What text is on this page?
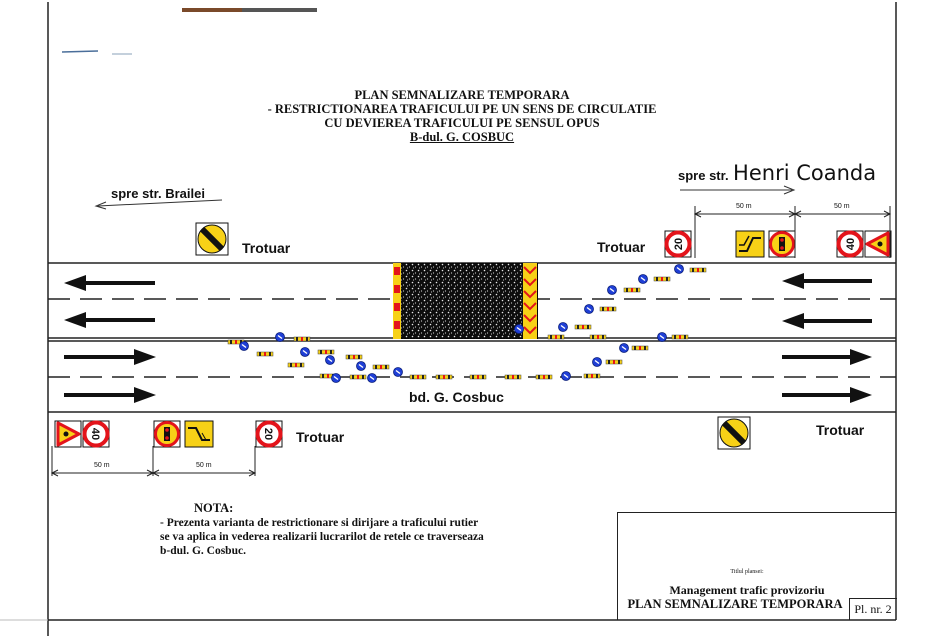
PLAN SEMNALIZARE TEMPORARA
- RESTRICTIONAREA TRAFICULUI PE UN SENS DE CIRCULATIE
CU DEVIEREA TRAFICULUI PE SENSUL OPUS
B-dul. G. COSBUC
spre str. Brailei
spre str. Henri Coanda
Trotuar	Trotuar
Trotuar	Trotuar
20	40
40	20
50 m	50 m
50 m	50 m
bd. G. Cosbuc
NOTA:
- Prezenta varianta de restrictionare si dirijare a traficului rutier
se va aplica in vederea realizarii lucrarilot de retele ce traverseaza
b-dul. G. Cosbuc.
Titlul plansei:
Management trafic provizoriu
PLAN SEMNALIZARE TEMPORARA Pl. nr. 2
